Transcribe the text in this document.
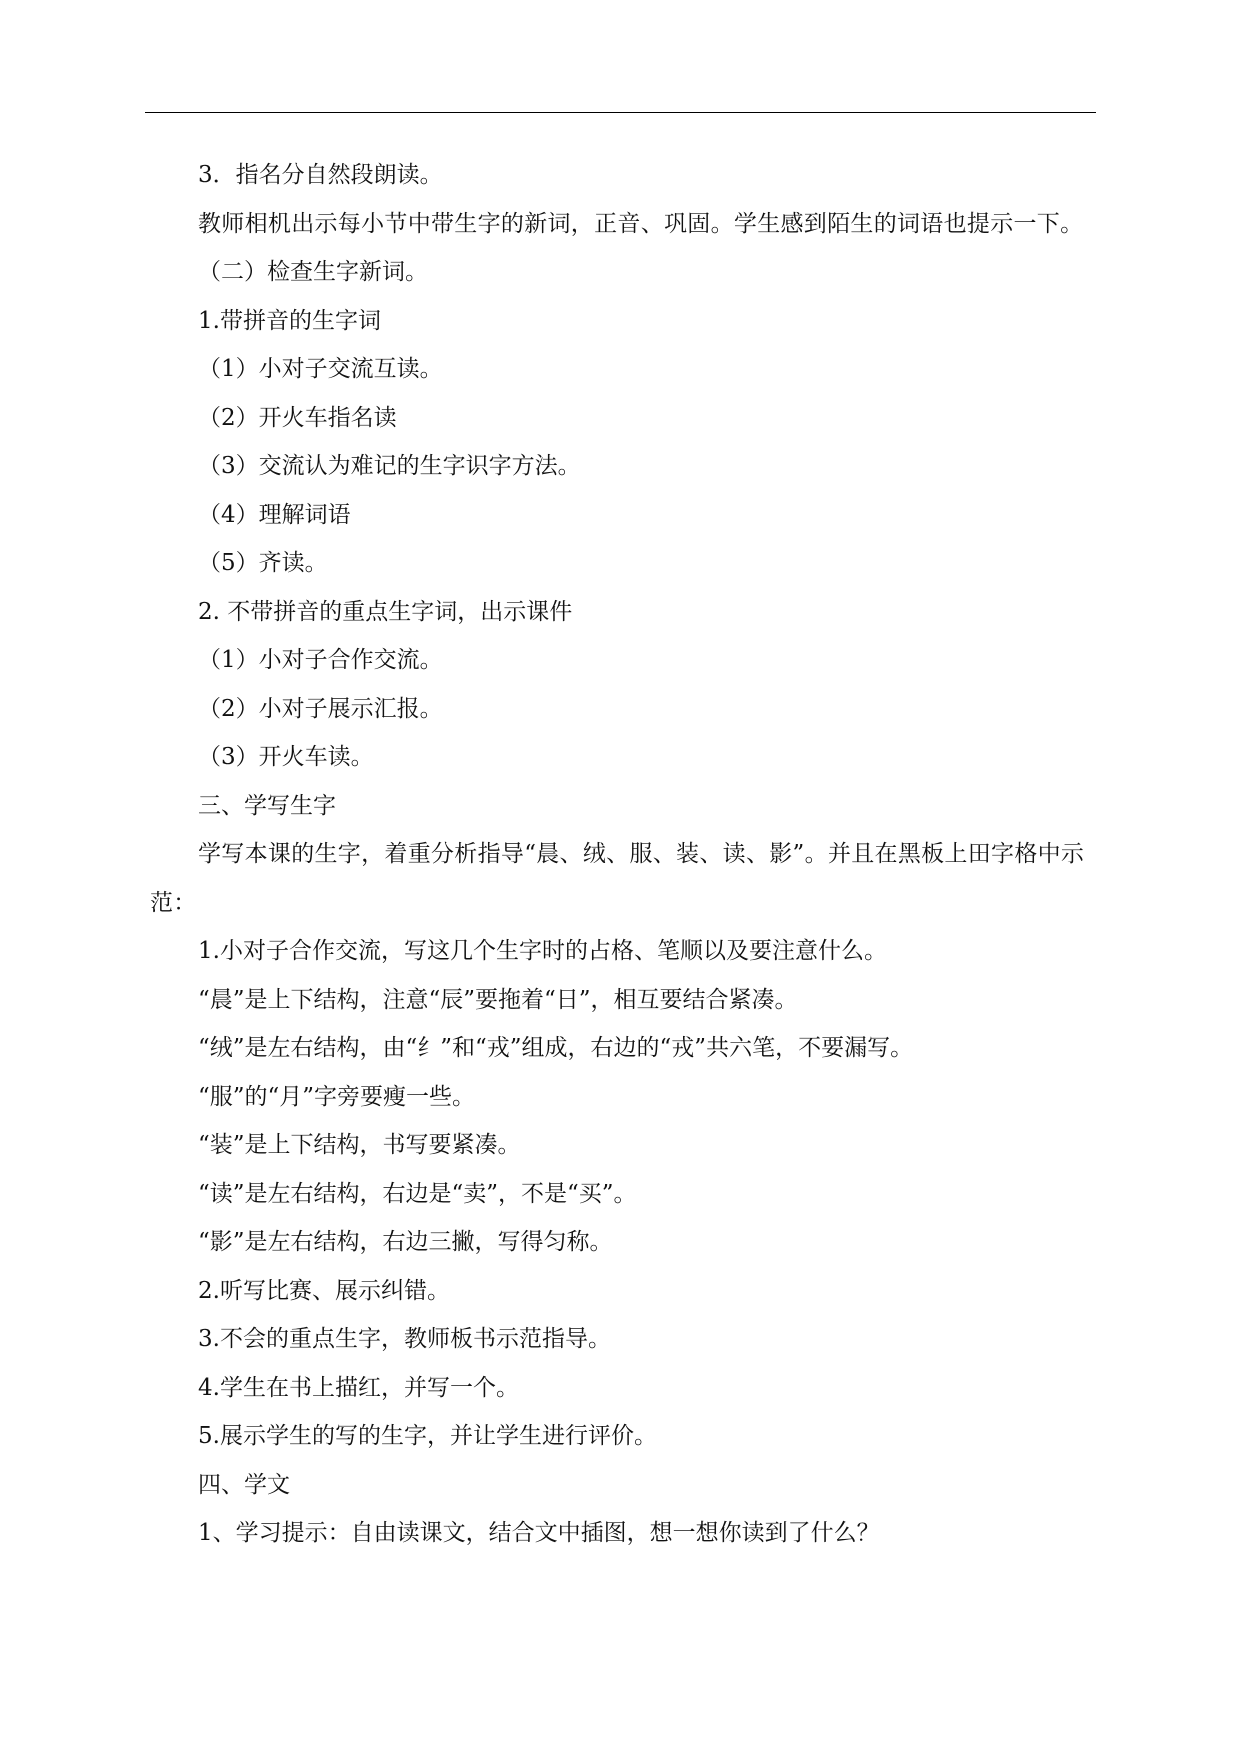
3．指名分自然段朗读。

教师相机出示每小节中带生字的新词，正音、巩固。学生感到陌生的词语也提示一下。

（二）检查生字新词。

1.带拼音的生字词

（1）小对子交流互读。

（2）开火车指名读

（3）交流认为难记的生字识字方法。

（4）理解词语

（5）齐读。

2. 不带拼音的重点生字词，出示课件

（1）小对子合作交流。

（2）小对子展示汇报。

（3）开火车读。

三、学写生字

学写本课的生字，着重分析指导“晨、绒、服、装、读、影”。并且在黑板上田字格中示范：

1.小对子合作交流，写这几个生字时的占格、笔顺以及要注意什么。

“晨”是上下结构，注意“辰”要拖着“日”，相互要结合紧凑。

“绒”是左右结构，由“纟”和“戎”组成，右边的“戎”共六笔，不要漏写。

“服”的“月”字旁要瘦一些。

“装”是上下结构，书写要紧凑。

“读”是左右结构，右边是“卖”，不是“买”。

“影”是左右结构，右边三撇，写得匀称。

2.听写比赛、展示纠错。

3.不会的重点生字，教师板书示范指导。

4.学生在书上描红，并写一个。

5.展示学生的写的生字，并让学生进行评价。

四、学文

1、学习提示：自由读课文，结合文中插图，想一想你读到了什么？
